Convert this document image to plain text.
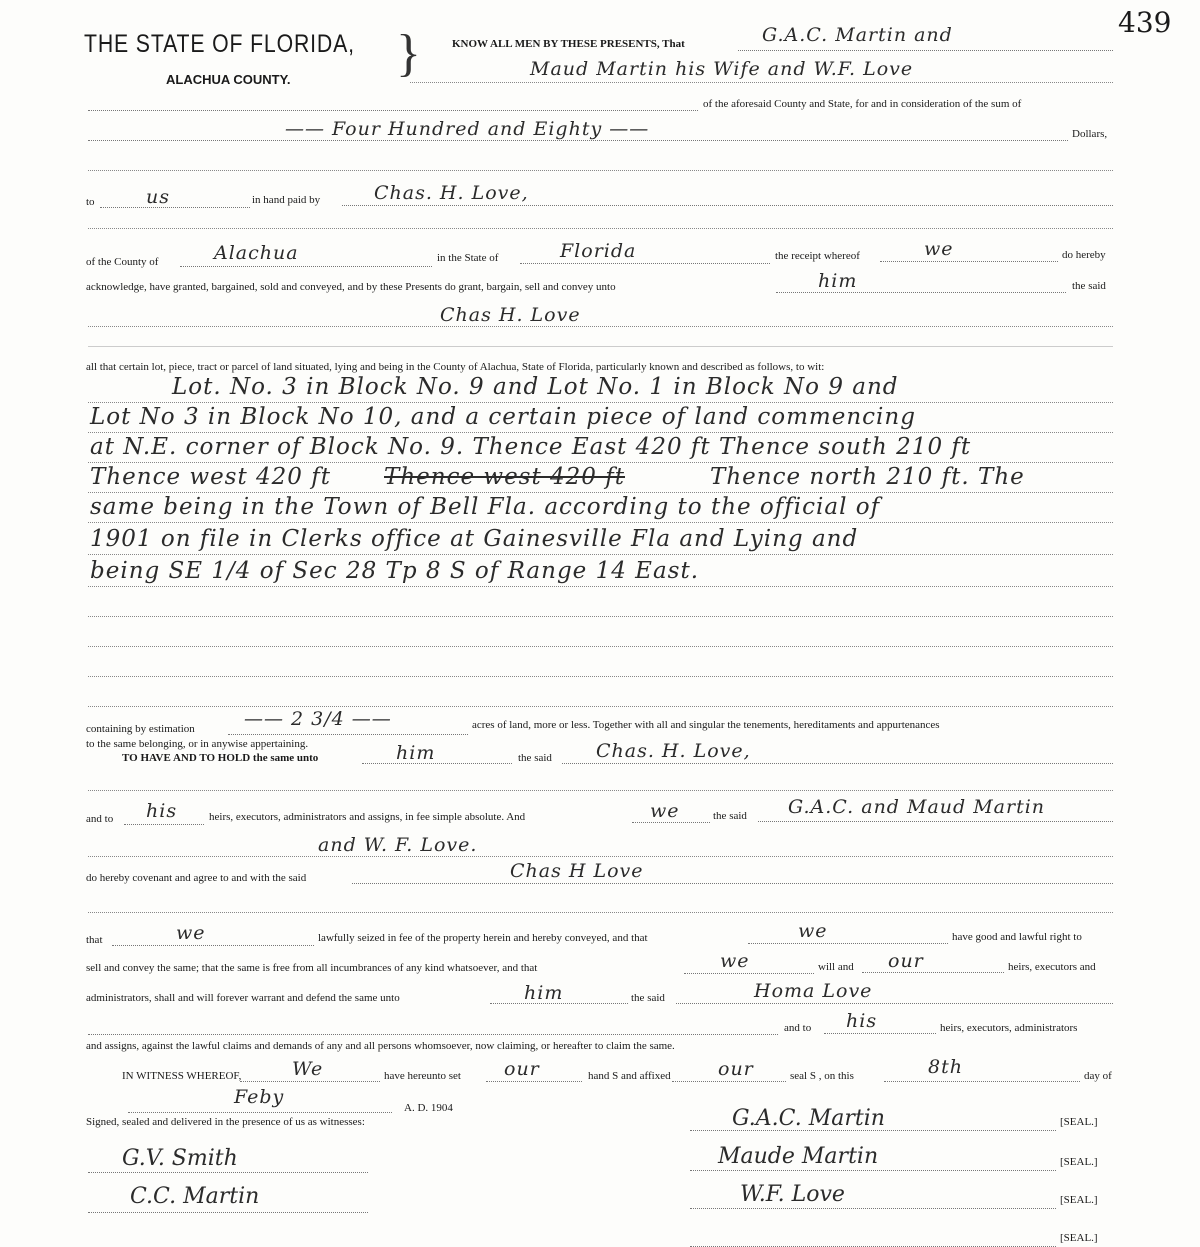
439
THE STATE OF FLORIDA, }
ALACHUA COUNTY.
KNOW ALL MEN BY THESE PRESENTS, That	G.A.C. Martin and
Maud Martin his Wife and W.F. Love
of the aforesaid County and State, for and in consideration of the sum of
—— Four Hundred and Eighty ——	Dollars,
to	us	in hand paid by	Chas. H. Love,
of the County of	Alachua	in the State of	Florida	the receipt whereof	we	do hereby
acknowledge, have granted, bargained, sold and conveyed, and by these Presents do grant, bargain, sell and convey unto	him	the said
Chas H. Love
all that certain lot, piece, tract or parcel of land situated, lying and being in the County of Alachua, State of Florida, particularly known and described as follows, to wit:
Lot. No. 3 in Block No. 9 and Lot No. 1 in Block No 9 and
Lot No 3 in Block No 10, and a certain piece of land commencing
at N.E. corner of Block No. 9. Thence East 420 ft Thence south 210 ft
Thence west 420 ft Thence west 420 ft	Thence north 210 ft. The
same being in the Town of Bell Fla. according to the official of
1901 on file in Clerks office at Gainesville Fla and Lying and
being SE 1/4 of Sec 28 Tp 8 S of Range 14 East.
containing by estimation	—— 2 3/4 ——	acres of land, more or less. Together with all and singular the tenements, hereditaments and appurtenances
to the same belonging, or in anywise appertaining.
TO HAVE AND TO HOLD the same unto	him	the said Chas. H. Love,
and to his	heirs, executors, administrators and assigns, in fee simple absolute. And	we	the said G.A.C. and Maud Martin
and W. F. Love.
do hereby covenant and agree to and with the said	Chas H Love
that	we	lawfully seized in fee of the property herein and hereby conveyed, and that	we	have good and lawful right to
sell and convey the same; that the same is free from all incumbrances of any kind whatsoever, and that	we	will and our	heirs, executors and
administrators, shall and will forever warrant and defend the same unto	him	the said	Homa Love
and to his	heirs, executors, administrators
and assigns, against the lawful claims and demands of any and all persons whomsoever, now claiming, or hereafter to claim the same.
IN WITNESS WHEREOF,	We	have hereunto set our	hand S and affixed our	seal S , on this	8th	day of
Feby	A. D. 1904
Signed, sealed and delivered in the presence of us as witnesses:
G.V. Smith
C.C. Martin
G.A.C. Martin	[SEAL.]
Maude Martin	[SEAL.]
W.F. Love	[SEAL.]
[SEAL.]
